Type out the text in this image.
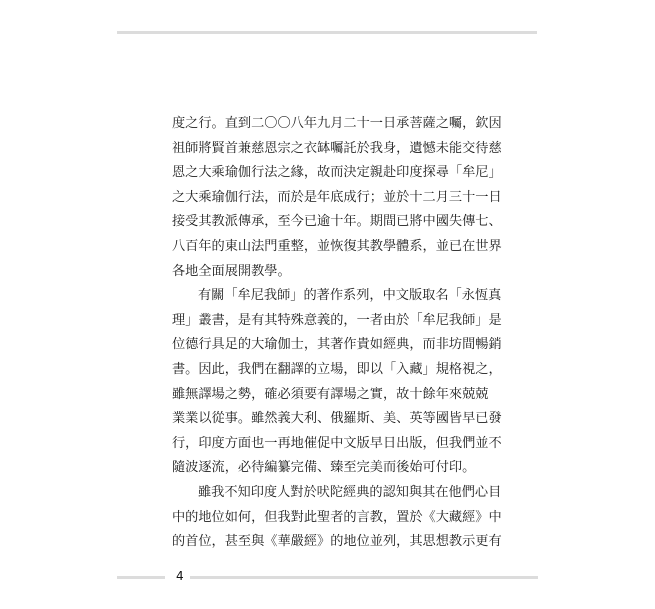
度之行。直到二〇〇八年九月二十一日承菩薩之囑，欽因
祖師將賢首兼慈恩宗之衣缽囑託於我身，遺憾未能交待慈
恩之大乘瑜伽行法之緣，故而決定親赴印度探尋「牟尼」
之大乘瑜伽行法，而於是年底成行；並於十二月三十一日
接受其教派傳承，至今已逾十年。期間已將中國失傳七、
八百年的東山法門重整，並恢復其教學體系，並已在世界
各地全面展開教學。
有關「牟尼我師」的著作系列，中文版取名「永恆真
理」叢書，是有其特殊意義的，一者由於「牟尼我師」是
位德行具足的大瑜伽士，其著作貴如經典，而非坊間暢銷
書。因此，我們在翻譯的立場，即以「入藏」規格視之，
雖無譯場之勢，確必須要有譯場之實，故十餘年來兢兢
業業以從事。雖然義大利、俄羅斯、美、英等國皆早已發
行，印度方面也一再地催促中文版早日出版，但我們並不
隨波逐流，必待編纂完備、臻至完美而後始可付印。
雖我不知印度人對於吠陀經典的認知與其在他們心目
中的地位如何，但我對此聖者的言教，置於《大藏經》中
的首位，甚至與《華嚴經》的地位並列，其思想教示更有
4
